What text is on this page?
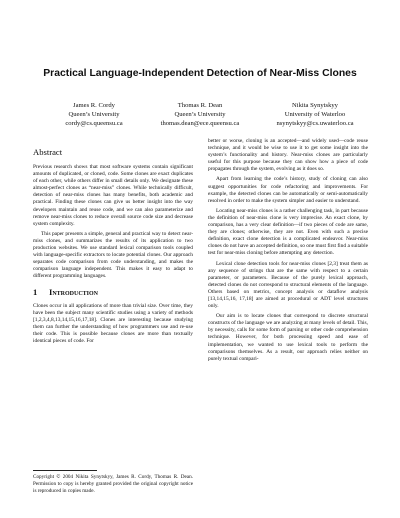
Practical Language-Independent Detection of Near-Miss Clones
James R. Cordy
Queen’s University
cordy@cs.queensu.ca
Thomas R. Dean
Queen’s University
thomas.dean@ece.queensu.ca
Nikita Synytskyy
University of Waterloo
nsynytskyy@cs.uwaterloo.ca
Abstract

Previous research shows that most software systems contain significant amounts of duplicated, or cloned, code. Some clones are exact duplicates of each other, while others differ in small details only. We designate these almost-perfect clones as “near-miss” clones. While technically difficult, detection of near-miss clones has many benefits, both academic and practical. Finding these clones can give us better insight into the way developers maintain and reuse code, and we can also parameterize and remove near-miss clones to reduce overall source code size and decrease system complexity.

This paper presents a simple, general and practical way to detect near-miss clones, and summarizes the results of its application to two production websites. We use standard lexical comparison tools coupled with language-specific extractors to locate potential clones. Our approach separates code comparison from code understanding, and makes the comparison language independent. This makes it easy to adapt to different programming languages.

1 Introduction

Clones occur in all applications of more than trivial size. Over time, they have been the subject many scientific studies using a variety of methods [1,2,3,4,8,13,14,15,16,17,18]. Clones are interesting because studying them can further the understanding of how programmers use and re-use their code. This is possible because clones are more than textually identical pieces of code. For

Copyright © 2004 Nikita Synytskyy, James R. Cordy, Thomas R. Dean. Permission to copy is hereby granted provided the original copyright notice is reproduced in copies made.

better or worse, cloning is an accepted—and widely used—code reuse technique, and it would be wise to use it to get some insight into the system’s functionality and history. Near-miss clones are particularly useful for this purpose because they can show how a piece of code propagates through the system, evolving as it does so.

Apart from learning the code’s history, study of cloning can also suggest opportunities for code refactoring and improvements. For example, the detected clones can be automatically or semi-automatically resolved in order to make the system simpler and easier to understand.

Locating near-miss clones is a rather challenging task, in part because the definition of near-miss clone is very imprecise. An exact clone, by comparison, has a very clear definition—if two pieces of code are same, they are clones; otherwise, they are not. Even with such a precise definition, exact clone detection is a complicated endeavor. Near-miss clones do not have an accepted definition, so one must first find a suitable test for near-miss cloning before attempting any detection.

Lexical clone detection tools for near-miss clones [2,3] treat them as any sequence of strings that are the same with respect to a certain parameter, or parameters. Because of the purely lexical approach, detected clones do not correspond to structural elements of the language. Others based on metrics, concept analysis or dataflow analysis [13,14,15,16, 17,18] are aimed at procedural or ADT level structures only.

Our aim is to locate clones that correspond to discrete structural constructs of the language we are analyzing at many levels of detail. This, by necessity, calls for some form of parsing or other code comprehension technique. However, for both processing speed and ease of implementation, we wanted to use lexical tools to perform the comparisons themselves. As a result, our approach relies neither on purely textual compari-
